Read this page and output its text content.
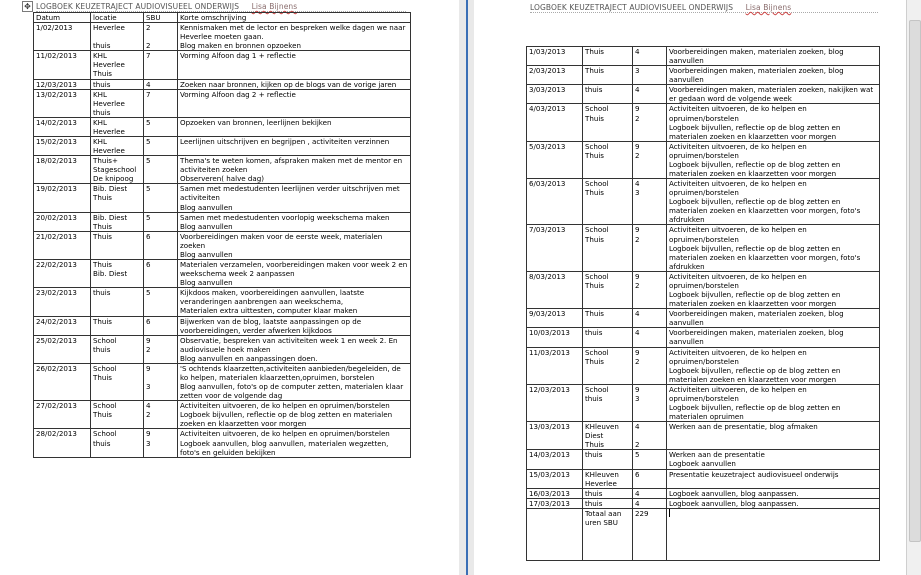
✥ LOGBOEK KEUZETRAJECT AUDIOVISUEEL ONDERWIJS Lisa Bijnens
Datum	locatie	SBU	Korte omschrijving
1/02/2013	Heverlee

thuis	2

2	Kennismaken met de lector en bespreken welke dagen we naar Heverlee moeten gaan.
Blog maken en bronnen opzoeken
11/02/2013	KHL
Heverlee
Thuis	7	Vorming Alfoon dag 1 + reflectie
12/03/2013	thuis	4	Zoeken naar bronnen, kijken op de blogs van de vorige jaren
13/02/2013	KHL
Heverlee
thuis	7	Vorming Alfoon dag 2 + reflectie
14/02/2013	KHL
Heverlee	5	Opzoeken van bronnen, leerlijnen bekijken
15/02/2013	KHL
Heverlee	5	Leerlijnen uitschrijven en begrijpen , activiteiten verzinnen
18/02/2013	Thuis+
Stageschool
De knipoog	5	Thema's te weten komen, afspraken maken met de mentor en activiteiten zoeken
Observeren( halve dag)
19/02/2013	Bib. Diest
Thuis	5	Samen met medestudenten leerlijnen verder uitschrijven met activiteiten
Blog aanvullen
20/02/2013	Bib. Diest
Thuis	5	Samen met medestudenten voorlopig weekschema maken
Blog aanvullen
21/02/2013	Thuis	6	Voorbereidingen maken voor de eerste week, materialen zoeken
Blog aanvullen
22/02/2013	Thuis
Bib. Diest	6	Materialen verzamelen, voorbereidingen maken voor week 2 en weekschema week 2 aanpassen
Blog aanvullen
23/02/2013	thuis	5	Kijkdoos maken, voorbereidingen aanvullen, laatste veranderingen aanbrengen aan weekschema,
Materialen extra uittesten, computer klaar maken
24/02/2013	Thuis	6	Bijwerken van de blog, laatste aanpassingen op de voorbereidingen, verder afwerken kijkdoos
25/02/2013	School
thuis	9
2	Observatie, bespreken van activiteiten week 1 en week 2. En audiovisuele hoek maken
Blog aanvullen en aanpassingen doen.
26/02/2013	School
Thuis	9

3	'S ochtends klaarzetten,activiteiten aanbieden/begeleiden, de ko helpen, materialen klaarzetten,opruimen, borstelen
Blog aanvullen, foto's op de computer zetten, materialen klaar zetten voor de volgende dag
27/02/2013	School
Thuis	4
2	Activiteiten uitvoeren, de ko helpen en opruimen/borstelen
Logboek bijvullen, reflectie op de blog zetten en materialen zoeken en klaarzetten voor morgen
28/02/2013	School
thuis	9
3	Activiteiten uitvoeren, de ko helpen en opruimen/borstelen
Logboek aanvullen, blog aanvullen, materialen wegzetten, foto's en geluiden bekijken
LOGBOEK KEUZETRAJECT AUDIOVISUEEL ONDERWIJS Lisa Bijnens
1/03/2013	Thuis	4	Voorbereidingen maken, materialen zoeken, blog aanvullen
2/03/2013	Thuis	3	Voorbereidingen maken, materialen zoeken, blog aanvullen
3/03/2013	thuis	4	Voorbereidingen maken, materialen zoeken, nakijken wat er gedaan word de volgende week
4/03/2013	School
Thuis	9
2	Activiteiten uitvoeren, de ko helpen en opruimen/borstelen
Logboek bijvullen, reflectie op de blog zetten en materialen zoeken en klaarzetten voor morgen
5/03/2013	School
Thuis	9
2	Activiteiten uitvoeren, de ko helpen en opruimen/borstelen
Logboek bijvullen, reflectie op de blog zetten en materialen zoeken en klaarzetten voor morgen
6/03/2013	School
Thuis	4
3	Activiteiten uitvoeren, de ko helpen en opruimen/borstelen
Logboek bijvullen, reflectie op de blog zetten en materialen zoeken en klaarzetten voor morgen, foto's afdrukken
7/03/2013	School
Thuis	9
2	Activiteiten uitvoeren, de ko helpen en opruimen/borstelen
Logboek bijvullen, reflectie op de blog zetten en materialen zoeken en klaarzetten voor morgen, foto's afdrukken
8/03/2013	School
Thuis	9
2	Activiteiten uitvoeren, de ko helpen en opruimen/borstelen
Logboek bijvullen, reflectie op de blog zetten en materialen zoeken en klaarzetten voor morgen
9/03/2013	Thuis	4	Voorbereidingen maken, materialen zoeken, blog aanvullen
10/03/2013	thuis	4	Voorbereidingen maken, materialen zoeken, blog aanvullen
11/03/2013	School
Thuis	9
2	Activiteiten uitvoeren, de ko helpen en opruimen/borstelen
Logboek bijvullen, reflectie op de blog zetten en materialen zoeken en klaarzetten voor morgen
12/03/2013	School
thuis	9
3	Activiteiten uitvoeren, de ko helpen en opruimen/borstelen
Logboek bijvullen, reflectie op de blog zetten en materialen opruimen
13/03/2013	KHleuven
Diest
Thuis	4

2	Werken aan de presentatie, blog afmaken
14/03/2013	thuis	5	Werken aan de presentatie
Logboek aanvullen
15/03/2013	KHleuven
Heverlee	6	Presentatie keuzetraject audiovisueel onderwijs
16/03/2013	thuis	4	Logboek aanvullen, blog aanpassen.
17/03/2013	thuis	4	Logboek aanvullen, blog aanpassen.
	Totaal aan uren SBU	229	
